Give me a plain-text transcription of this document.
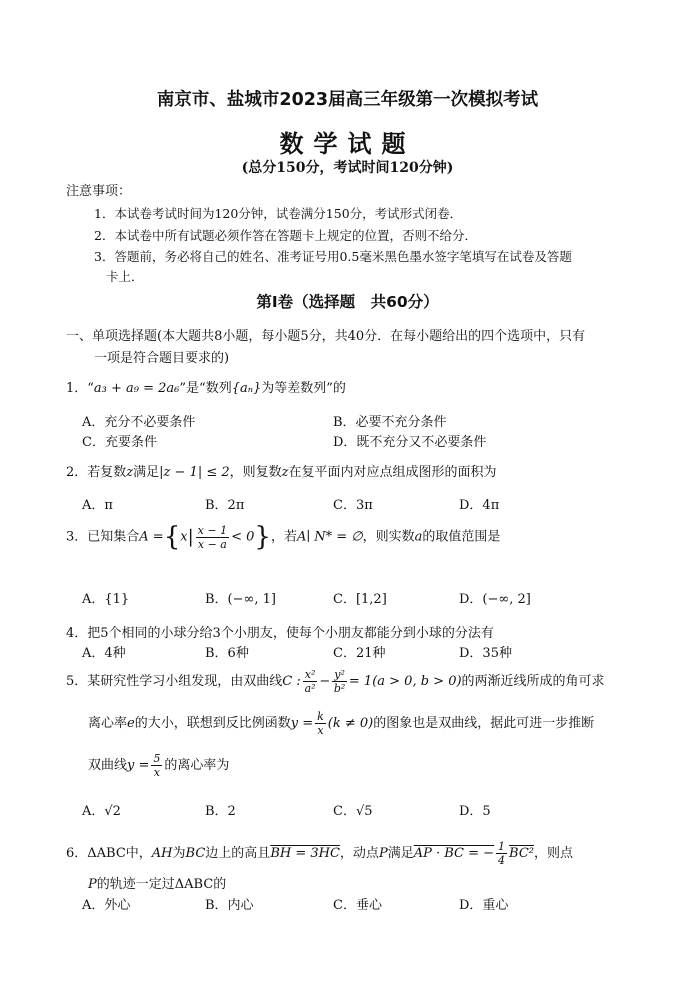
南京市、盐城市2023届高三年级第一次模拟考试
数学试题
(总分150分，考试时间120分钟)
注意事项：
1．本试卷考试时间为120分钟，试卷满分150分，考试形式闭卷．
2．本试卷中所有试题必须作答在答题卡上规定的位置，否则不给分．
3．答题前，务必将自己的姓名、准考证号用0.5毫米黑色墨水签字笔填写在试卷及答题
卡上．
第Ⅰ卷（选择题　共60分）
一、单项选择题(本大题共8小题，每小题5分，共40分．在每小题给出的四个选项中，只有
一项是符合题目要求的)
1．“a₃ + a₉ = 2a₆”是“数列{aₙ}为等差数列”的
A．充分不必要条件	B．必要不充分条件
C．充要条件	D．既不充分又不必要条件
2．若复数z满足|z − 1| ≤ 2，则复数z在复平面内对应点组成图形的面积为
A．π	B．2π	C．3π	D．4π
3．已知集合$A =\{x| \frac{x - 1}{x - a} < 0\}$，若A∣ N* = ∅，则实数a的取值范围是
A．{1}	B．(−∞, 1]	C．[1,2]	D．(−∞, 2]
4．把5个相同的小球分给3个小朋友，使每个小朋友都能分到小球的分法有
A．4种	B．6种	C．21种	D．35种
5．某研究性学习小组发现，由双曲线C : $\frac{\text{x²}}{\text{a²}} - \frac{\text{y²}}{\text{b²}} = 1(a > 0$, b > 0)的两渐近线所成的角可求
离心率e的大小，联想到反比例函数$y = \frac{k}{x} (k \ne 0)$的图象也是双曲线，据此可进一步推断
双曲线$y = \frac{5}{x}$ 的离心率为
A．√2	B．2	C．√5	D．5
6．ΔABC中，AH为BC边上的高且BH = 3HC，动点P满足AP · BC = − $\frac{1}{4} BC^2$，则点
P的轨迹一定过ΔABC的
A．外心	B．内心	C．垂心	D．重心
